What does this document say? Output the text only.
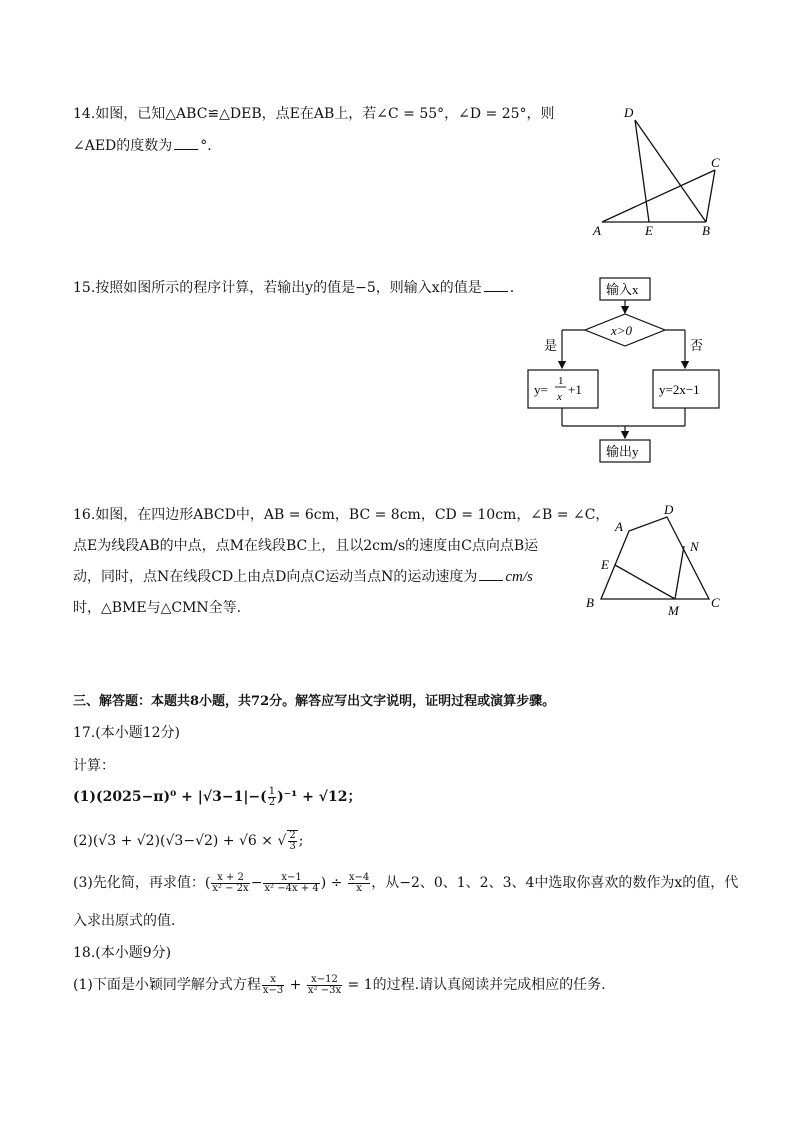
14.如图，已知△ABC≌△DEB，点E在AB上，若∠C = 55°，∠D = 25°，则
∠AED的度数为 °.
D
C
A	E	B
15.按照如图所示的程序计算，若输出y的值是−5，则输入x的值是 .	输入x
x>0
是	否
y=
1
x +1	y=2x−1
输出y
16.如图，在四边形ABCD中，AB = 6cm，BC = 8cm，CD = 10cm，∠B = ∠C，
点E为线段AB的中点，点M在线段BC上，且以2cm/s的速度由C点向点B运
动，同时，点N在线段CD上由点D向点C运动当点N的运动速度为 cm/s
时，△BME与△CMN全等.
D
A
N
E
B
M
C
三、解答题：本题共8小题，共72分。解答应写出文字说明，证明过程或演算步骤。
17.(本小题12分)
计算：
$(1)(2025-\pi)^0 + |√3-1|-( \frac{1}{2} )^{-1} + √12$；
(2)(√3 + √2)(√3−√2) + √6 × √ $\frac{2}{3}$ ;
(3)先化简，再求值：( $\frac{x + 2}{\text{x² − 2x}} - \frac{x-1}{\text{x² −4x + 4}}$ ) ÷ $\frac{x-4}{x}$ ，从−2、0、1、2、3、4中选取你喜欢的数作为x的值，代
入求出原式的值.
18.(本小题9分)
(1)下面是小颖同学解分式方程 $\frac{x}{x-3} + \frac{x-12}{\text{x² −3x}} = 1$的过程.请认真阅读并完成相应的任务.
